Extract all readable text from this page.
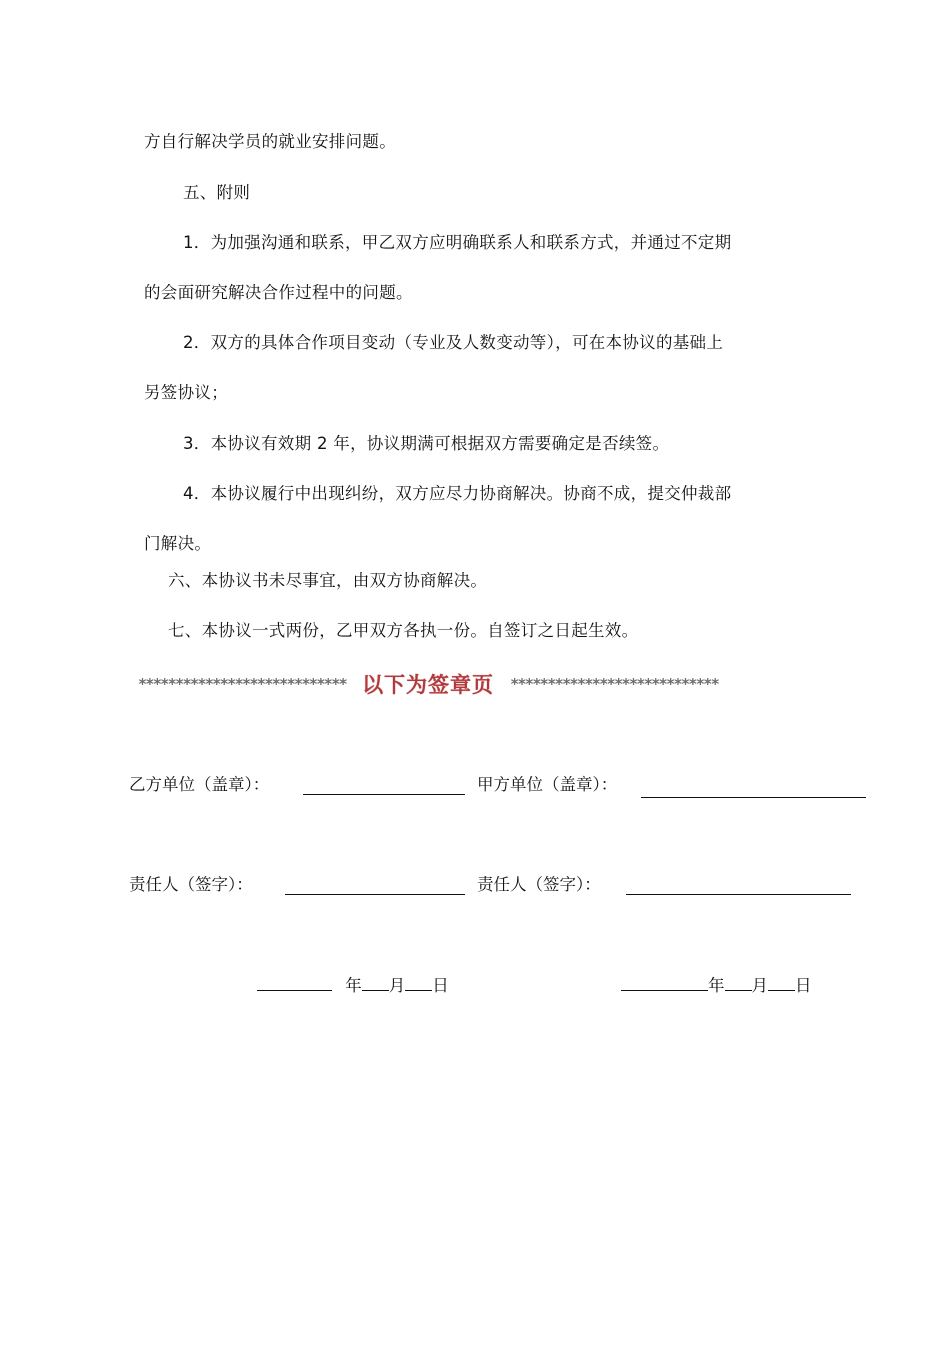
方自行解决学员的就业安排问题。
五、附则
1．为加强沟通和联系，甲乙双方应明确联系人和联系方式，并通过不定期
的会面研究解决合作过程中的问题。
2．双方的具体合作项目变动（专业及人数变动等），可在本协议的基础上
另签协议；
3．本协议有效期 2 年，协议期满可根据双方需要确定是否续签。
4．本协议履行中出现纠纷，双方应尽力协商解决。协商不成，提交仲裁部
门解决。
六、本协议书未尽事宜，由双方协商解决。
七、本协议一式两份，乙甲双方各执一份。自签订之日起生效。
**************************** 以下为签章页 ****************************
乙方单位（盖章）：	甲方单位（盖章）：
责任人（签字）：	责任人（签字）：
年 月 日	年 月 日
